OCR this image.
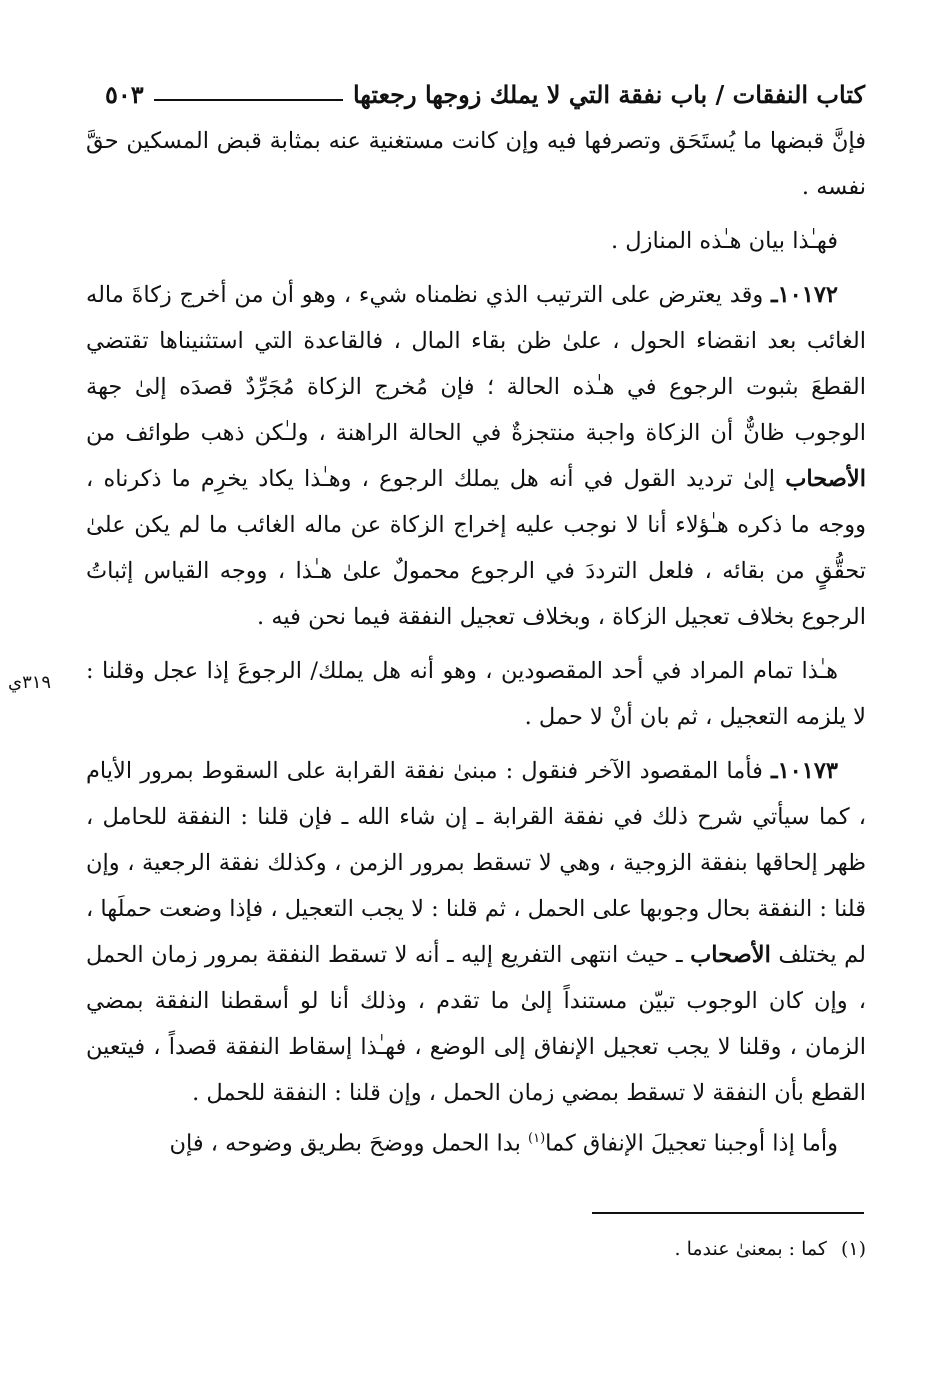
كتاب النفقات / باب نفقة التي لا يملك زوجها رجعتها
٥٠٣
٣١٩ي

فإنَّ قبضها ما يُستَحَق وتصرفها فيه وإن كانت مستغنية عنه بمثابة قبض المسكين حقَّ نفسه .

فهـٰذا بيان هـٰذه المنازل .

١٠١٧٢ـ وقد يعترض على الترتيب الذي نظمناه شيء ، وهو أن من أخرج زكاةَ ماله الغائب بعد انقضاء الحول ، علىٰ ظن بقاء المال ، فالقاعدة التي استثنيناها تقتضي القطعَ بثبوت الرجوع في هـٰذه الحالة ؛ فإن مُخرج الزكاة مُجَرِّدٌ قصدَه إلىٰ جهة الوجوب ظانٌّ أن الزكاة واجبة منتجزةٌ في الحالة الراهنة ، ولـٰكن ذهب طوائف من الأصحاب إلىٰ ترديد القول في أنه هل يملك الرجوع ، وهـٰذا يكاد يخرِم ما ذكرناه ، ووجه ما ذكره هـٰؤلاء أنا لا نوجب عليه إخراج الزكاة عن ماله الغائب ما لم يكن علىٰ تحقُّقٍ من بقائه ، فلعل الترددَ في الرجوع محمولٌ علىٰ هـٰذا ، ووجه القياس إثباتُ الرجوع بخلاف تعجيل الزكاة ، وبخلاف تعجيل النفقة فيما نحن فيه .

هـٰذا تمام المراد في أحد المقصودين ، وهو أنه هل يملك/ الرجوعَ إذا عجل وقلنا : لا يلزمه التعجيل ، ثم بان أنْ لا حمل .

١٠١٧٣ـ فأما المقصود الآخر فنقول : مبنىٰ نفقة القرابة على السقوط بمرور الأيام ، كما سيأتي شرح ذلك في نفقة القرابة ـ إن شاء الله ـ فإن قلنا : النفقة للحامل ، ظهر إلحاقها بنفقة الزوجية ، وهي لا تسقط بمرور الزمن ، وكذلك نفقة الرجعية ، وإن قلنا : النفقة بحال وجوبها على الحمل ، ثم قلنا : لا يجب التعجيل ، فإذا وضعت حملَها ، لم يختلف الأصحاب ـ حيث انتهى التفريع إليه ـ أنه لا تسقط النفقة بمرور زمان الحمل ، وإن كان الوجوب تبيّن مستنداً إلىٰ ما تقدم ، وذلك أنا لو أسقطنا النفقة بمضي الزمان ، وقلنا لا يجب تعجيل الإنفاق إلى الوضع ، فهـٰذا إسقاط النفقة قصداً ، فيتعين القطع بأن النفقة لا تسقط بمضي زمان الحمل ، وإن قلنا : النفقة للحمل .

وأما إذا أوجبنا تعجيلَ الإنفاق كما$^{(١)}$ بدا الحمل ووضحَ بطريق وضوحه ، فإن

(١)كما : بمعنىٰ عندما .
